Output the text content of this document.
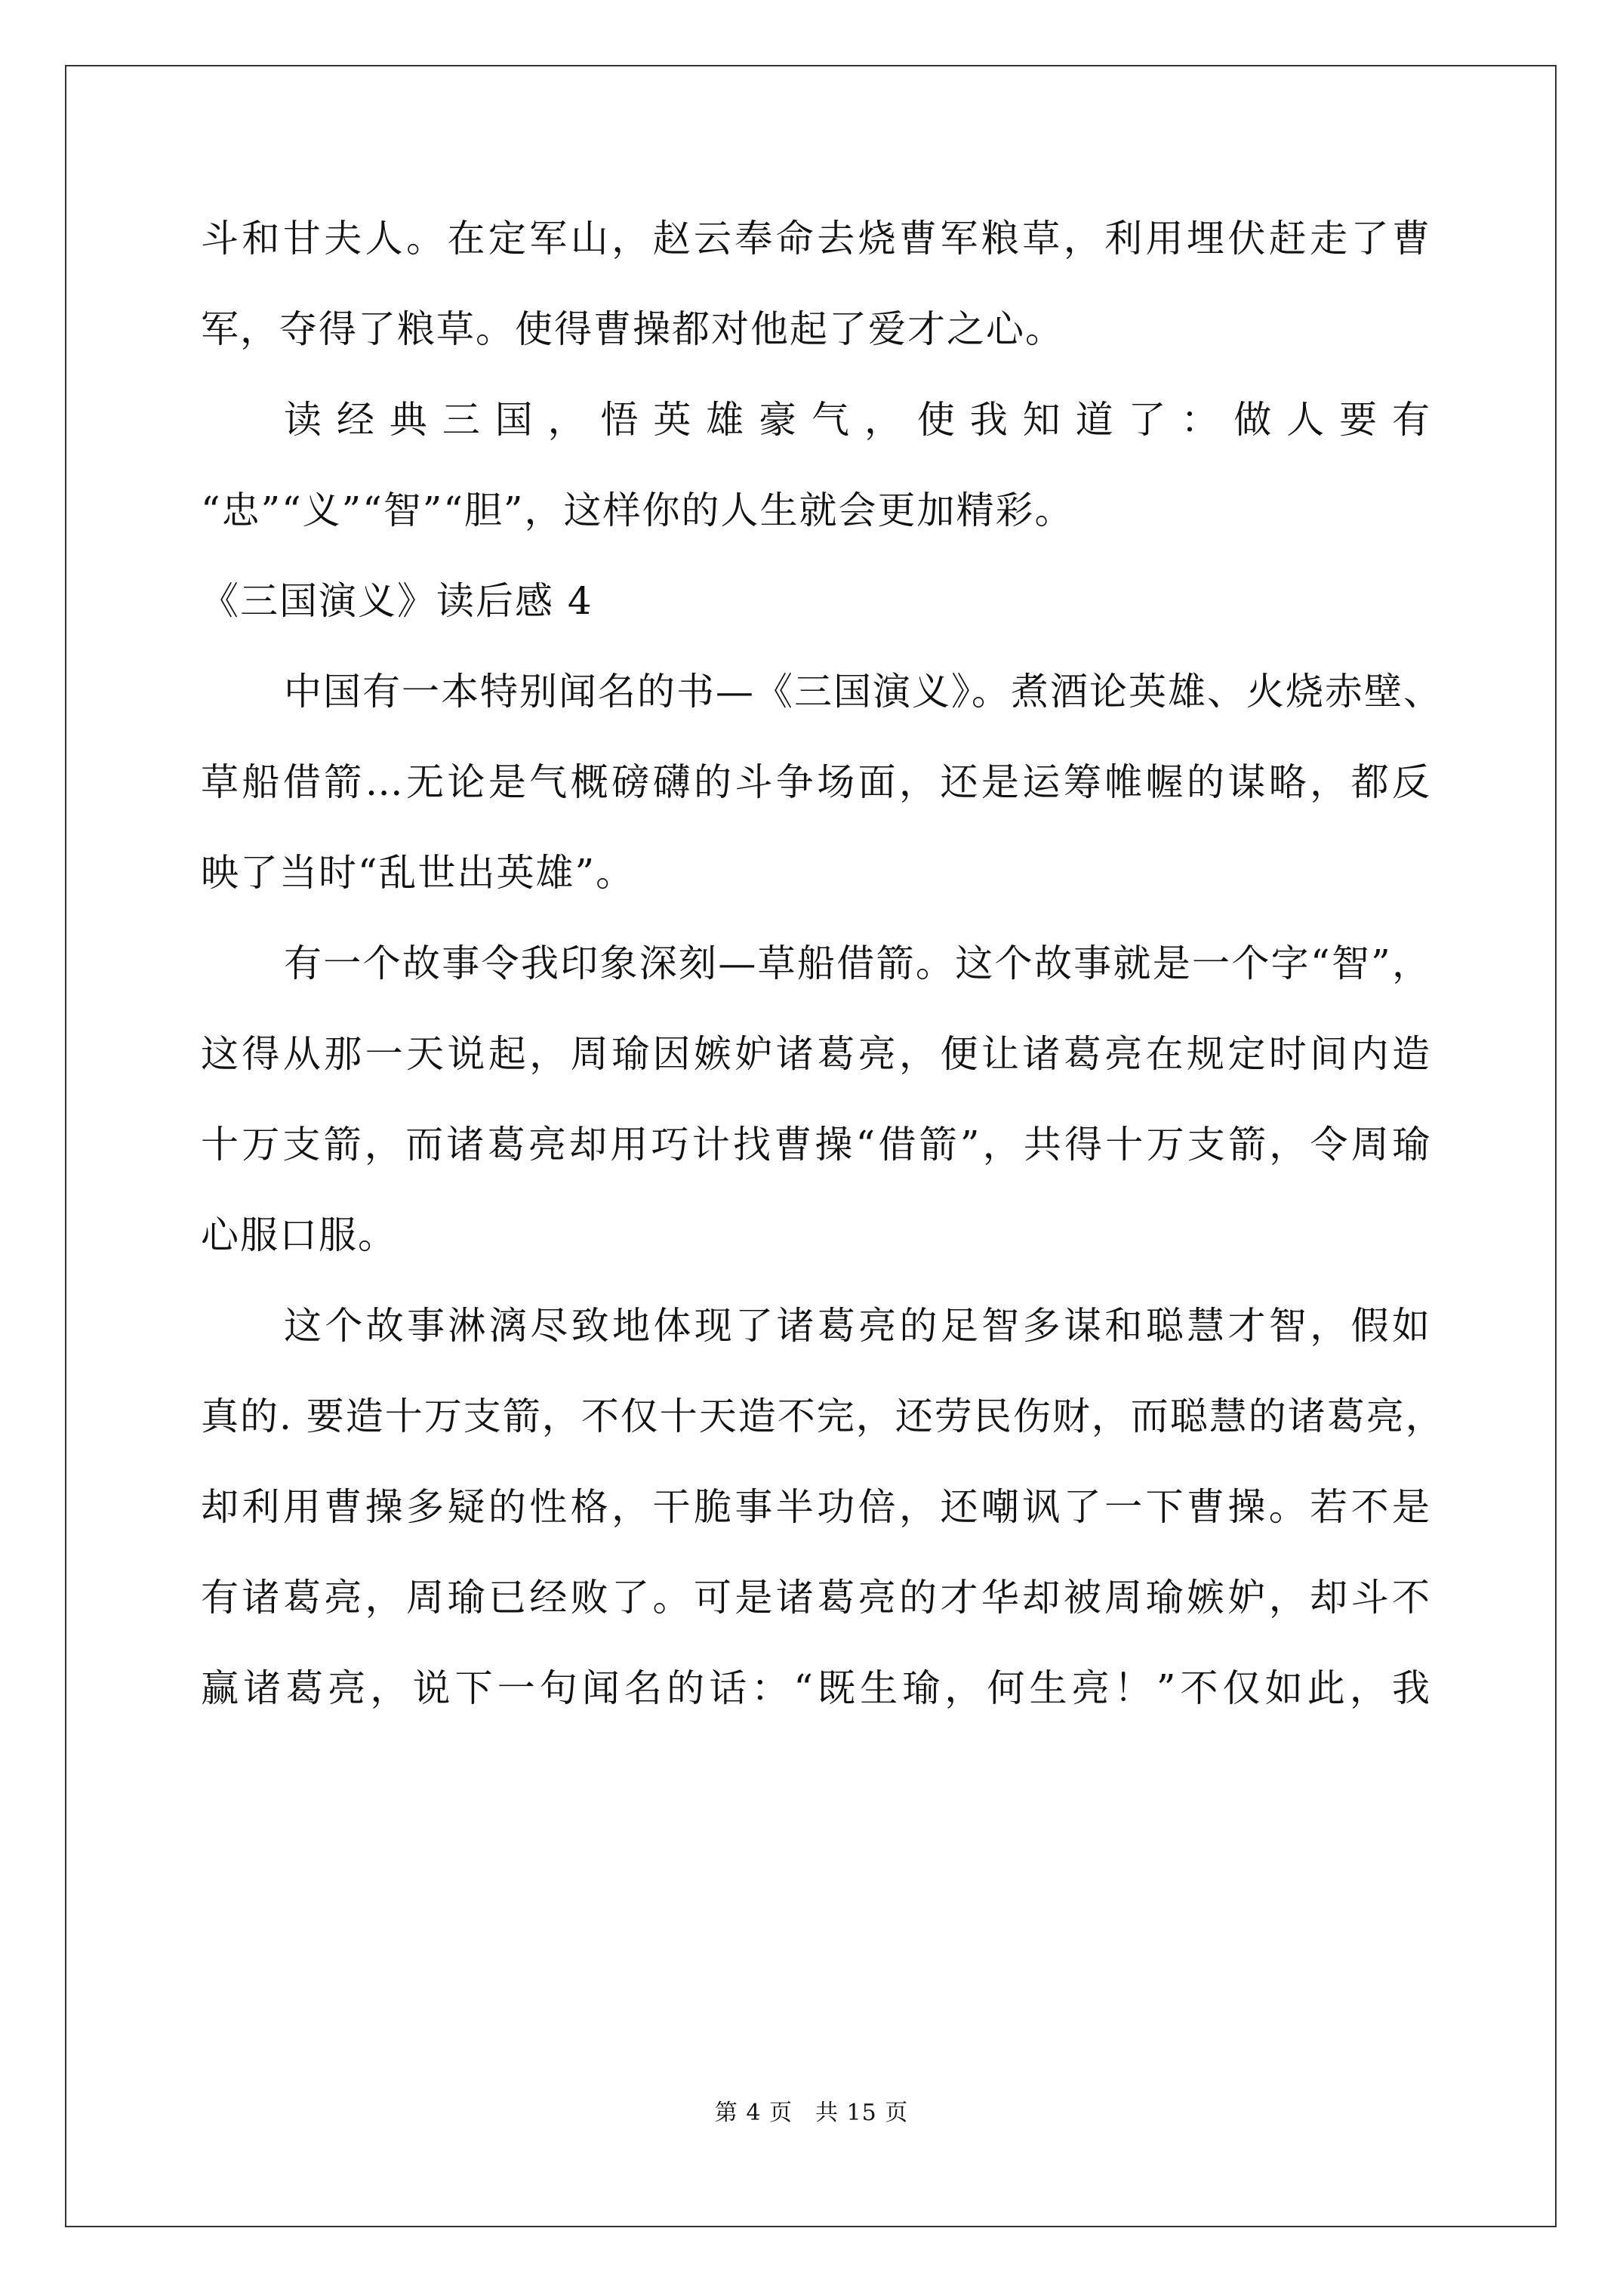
斗和甘夫人。在定军山，赵云奉命去烧曹军粮草，利用埋伏赶走了曹
军，夺得了粮草。使得曹操都对他起了爱才之心。
读经典三国，悟英雄豪气，使我知道了：做人要有
“忠”“义”“智”“胆”，这样你的人生就会更加精彩。
《三国演义》读后感 4
中国有一本特别闻名的书—《三国演义》。煮酒论英雄、火烧赤壁、
草船借箭…无论是气概磅礴的斗争场面，还是运筹帷幄的谋略，都反
映了当时“乱世出英雄”。
有一个故事令我印象深刻—草船借箭。这个故事就是一个字“智”，
这得从那一天说起，周瑜因嫉妒诸葛亮，便让诸葛亮在规定时间内造
十万支箭，而诸葛亮却用巧计找曹操“借箭”，共得十万支箭，令周瑜
心服口服。
这个故事淋漓尽致地体现了诸葛亮的足智多谋和聪慧才智，假如
真的. 要造十万支箭，不仅十天造不完，还劳民伤财，而聪慧的诸葛亮，
却利用曹操多疑的性格，干脆事半功倍，还嘲讽了一下曹操。若不是
有诸葛亮，周瑜已经败了。可是诸葛亮的才华却被周瑜嫉妒，却斗不
赢诸葛亮，说下一句闻名的话：“既生瑜，何生亮！”不仅如此，我
第 4 页 共 15 页
